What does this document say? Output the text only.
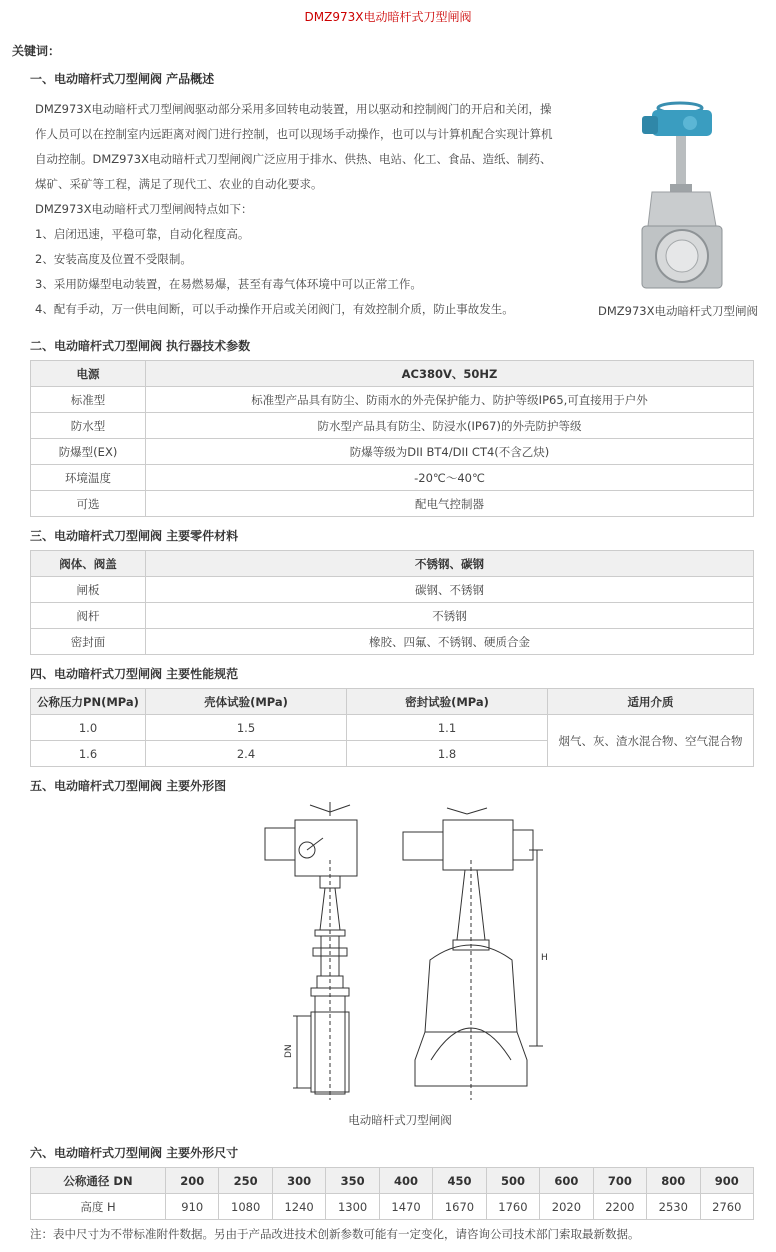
DMZ973X电动暗杆式刀型闸阀
关键词：
一、电动暗杆式刀型闸阀 产品概述

DMZ973X电动暗杆式刀型闸阀驱动部分采用多回转电动装置，用以驱动和控制阀门的开启和关闭，操

作人员可以在控制室内远距离对阀门进行控制，也可以现场手动操作，也可以与计算机配合实现计算机

自动控制。DMZ973X电动暗杆式刀型闸阀广泛应用于排水、供热、电站、化工、食品、造纸、制药、

煤矿、采矿等工程，满足了现代工、农业的自动化要求。

DMZ973X电动暗杆式刀型闸阀特点如下：

1、启闭迅速，平稳可靠，自动化程度高。

2、安装高度及位置不受限制。

3、采用防爆型电动装置，在易燃易爆，甚至有毒气体环境中可以正常工作。

4、配有手动，万一供电间断，可以手动操作开启或关闭阀门，有效控制介质，防止事故发生。	DMZ973X电动暗杆式刀型闸阀
二、电动暗杆式刀型闸阀 执行器技术参数
电源	AC380V、50HZ
标准型	标准型产品具有防尘、防雨水的外壳保护能力、防护等级IP65,可直接用于户外
防水型	防水型产品具有防尘、防浸水(IP67)的外壳防护等级
防爆型(EX)	防爆等级为DII BT4/DII CT4(不含乙炔)
环境温度	-20℃～40℃
可选	配电气控制器
三、电动暗杆式刀型闸阀 主要零件材料
阀体、阀盖	不锈钢、碳钢
闸板	碳钢、不锈钢
阀杆	不锈钢
密封面	橡胶、四氟、不锈钢、硬质合金
四、电动暗杆式刀型闸阀 主要性能规范
公称压力PN(MPa)	壳体试验(MPa)	密封试验(MPa)	适用介质
1.0	1.5	1.1	烟气、灰、渣水混合物、空气混合物
1.6	2.4	1.8	
五、电动暗杆式刀型闸阀 主要外形图
DN
H
电动暗杆式刀型闸阀
六、电动暗杆式刀型闸阀 主要外形尺寸
公称通径 DN	200	250	300	350	400	450	500	600	700	800	900
高度 H	910	1080	1240	1300	1470	1670	1760	2020	2200	2530	2760
注：表中尺寸为不带标准附件数据。另由于产品改进技术创新参数可能有一定变化，请咨询公司技术部门索取最新数据。
